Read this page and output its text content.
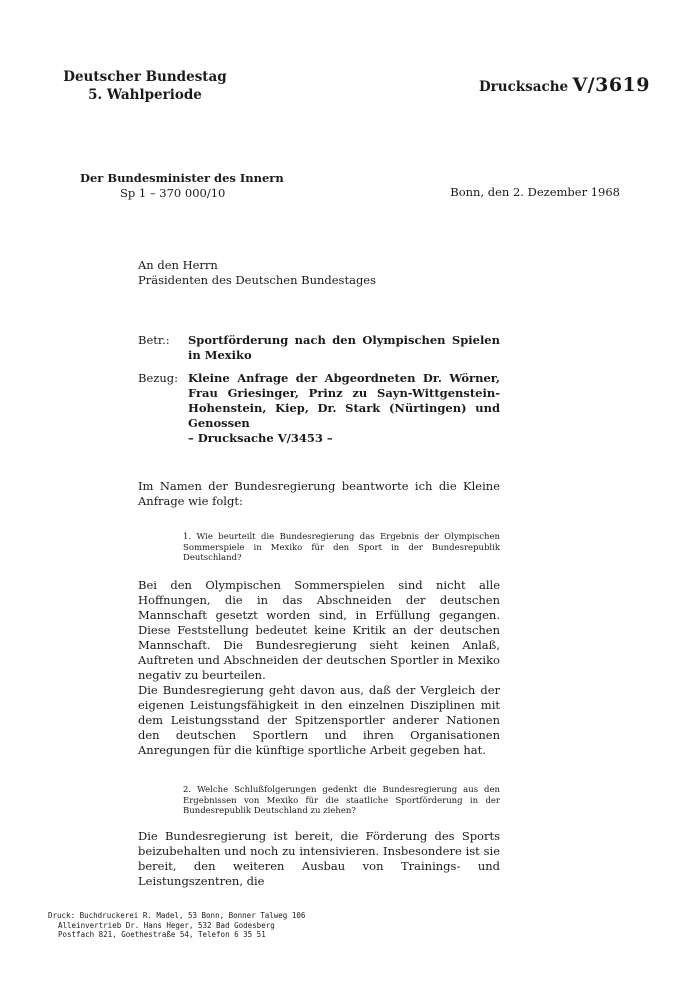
Deutscher Bundestag
5. Wahlperiode	Drucksache V/3619
Der Bundesminister des Innern
Sp 1 – 370 000/10	Bonn, den 2. Dezember 1968
An den Herrn
Präsidenten des Deutschen Bundestages
Betr.:	Sportförderung nach den Olympischen Spielen in Mexiko
Bezug: Kleine Anfrage der Abgeordneten Dr. Wörner, Frau Griesinger, Prinz zu Sayn-Wittgenstein-Hohenstein, Kiep, Dr. Stark (Nürtingen) und Genossen
– Drucksache V/3453 –
Im Namen der Bundesregierung beantworte ich die Kleine Anfrage wie folgt:
1. Wie beurteilt die Bundesregierung das Ergebnis der Olympischen Sommerspiele in Mexiko für den Sport in der Bundesrepublik Deutschland?
Bei den Olympischen Sommerspielen sind nicht alle Hoffnungen, die in das Abschneiden der deutschen Mannschaft gesetzt worden sind, in Erfüllung gegangen. Diese Feststellung bedeutet keine Kritik an der deutschen Mannschaft. Die Bundesregierung sieht keinen Anlaß, Auftreten und Abschneiden der deutschen Sportler in Mexiko negativ zu beurteilen.
Die Bundesregierung geht davon aus, daß der Vergleich der eigenen Leistungsfähigkeit in den einzelnen Disziplinen mit dem Leistungsstand der Spitzensportler anderer Nationen den deutschen Sportlern und ihren Organisationen Anregungen für die künftige sportliche Arbeit gegeben hat.
2. Welche Schlußfolgerungen gedenkt die Bundesregierung aus den Ergebnissen von Mexiko für die staatliche Sportförderung in der Bundesrepublik Deutschland zu ziehen?
Die Bundesregierung ist bereit, die Förderung des Sports beizubehalten und noch zu intensivieren. Insbesondere ist sie bereit, den weiteren Ausbau von Trainings- und Leistungszentren, die
Druck: Buchdruckerei R. Madel, 53 Bonn, Bonner Talweg 106
Alleinvertrieb Dr. Hans Heger, 532 Bad Godesberg
Postfach 821, Goethestraße 54, Telefon 6 35 51
